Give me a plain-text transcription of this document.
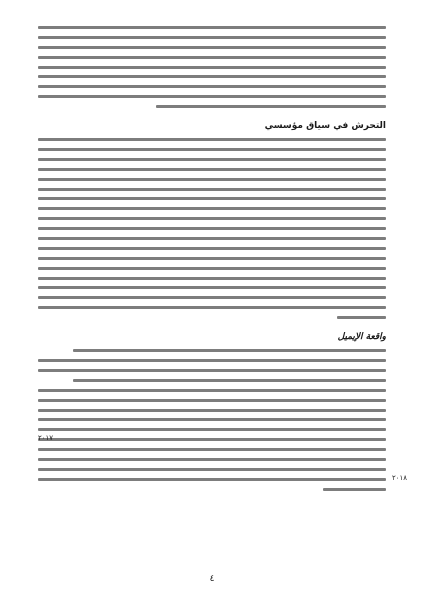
التحرش في سياق مؤسسي
واقعة الإيميل
٢٠١٧
٢٠١٨
٤
